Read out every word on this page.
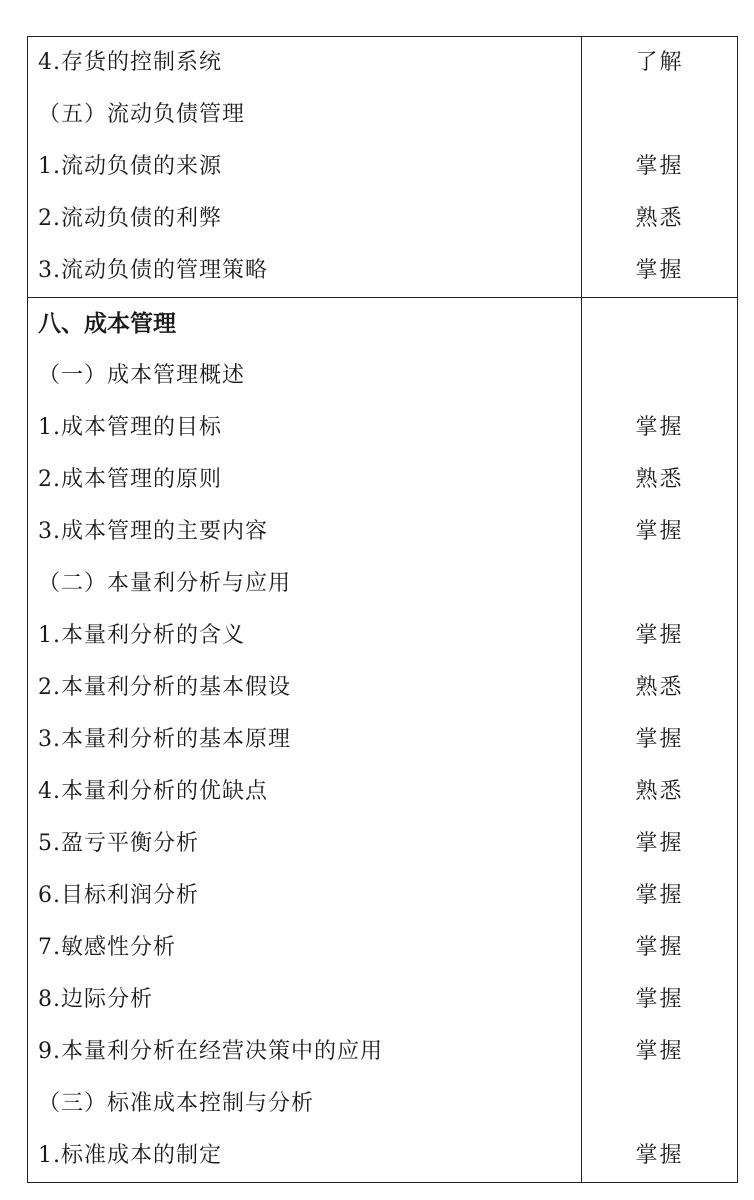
4.存货的控制系统	了解
（五）流动负债管理	
1.流动负债的来源	掌握
2.流动负债的利弊	熟悉
3.流动负债的管理策略	掌握
八、成本管理	
（一）成本管理概述	
1.成本管理的目标	掌握
2.成本管理的原则	熟悉
3.成本管理的主要内容	掌握
（二）本量利分析与应用	
1.本量利分析的含义	掌握
2.本量利分析的基本假设	熟悉
3.本量利分析的基本原理	掌握
4.本量利分析的优缺点	熟悉
5.盈亏平衡分析	掌握
6.目标利润分析	掌握
7.敏感性分析	掌握
8.边际分析	掌握
9.本量利分析在经营决策中的应用	掌握
（三）标准成本控制与分析	
1.标准成本的制定	掌握
